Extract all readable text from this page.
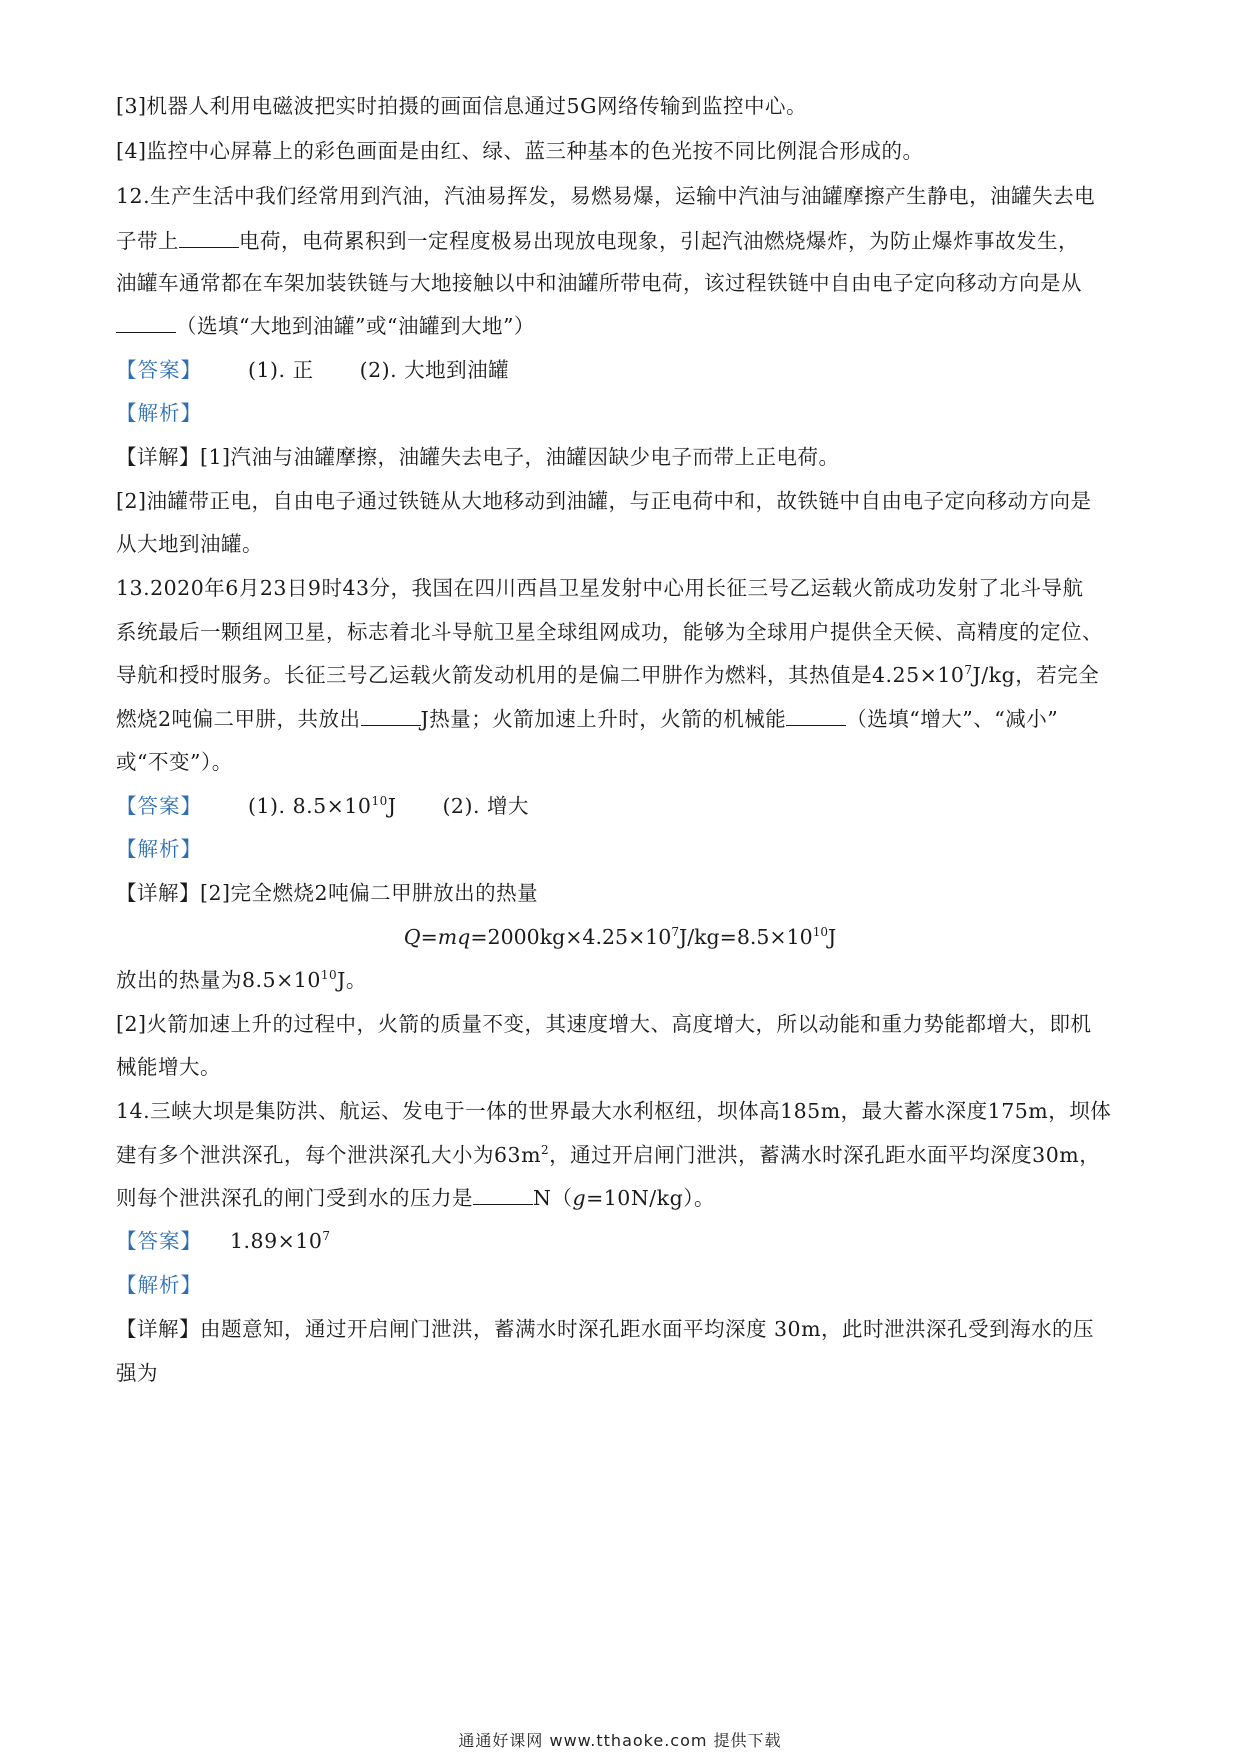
[3]机器人利用电磁波把实时拍摄的画面信息通过5G网络传输到监控中心。
[4]监控中心屏幕上的彩色画面是由红、绿、蓝三种基本的色光按不同比例混合形成的。
12.生产生活中我们经常用到汽油，汽油易挥发，易燃易爆，运输中汽油与油罐摩擦产生静电，油罐失去电
子带上	电荷，电荷累积到一定程度极易出现放电现象，引起汽油燃烧爆炸，为防止爆炸事故发生，
油罐车通常都在车架加装铁链与大地接触以中和油罐所带电荷，该过程铁链中自由电子定向移动方向是从
（选填“大地到油罐”或“油罐到大地”）
【答案】 (1). 正 (2). 大地到油罐
【解析】
【详解】[1]汽油与油罐摩擦，油罐失去电子，油罐因缺少电子而带上正电荷。
[2]油罐带正电，自由电子通过铁链从大地移动到油罐，与正电荷中和，故铁链中自由电子定向移动方向是
从大地到油罐。
13.2020年6月23日9时43分，我国在四川西昌卫星发射中心用长征三号乙运载火箭成功发射了北斗导航
系统最后一颗组网卫星，标志着北斗导航卫星全球组网成功，能够为全球用户提供全天候、高精度的定位、
导航和授时服务。长征三号乙运载火箭发动机用的是偏二甲肼作为燃料，其热值是$4.25\times 10^7J/kg$，若完全
燃烧2吨偏二甲肼，共放出	J热量；火箭加速上升时，火箭的机械能	（选填“增大”、“减小”
或“不变”）。
【答案】 (1). $8.5\times 10^{10}J$ (2). 增大
【解析】
【详解】[2]完全燃烧2吨偏二甲肼放出的热量
$Q=mq=2000kg\times 4.25\times 10^7J/kg=8.5\times 10^{10}J$
放出的热量为$8.5\times 10^{10}J$。
[2]火箭加速上升的过程中，火箭的质量不变，其速度增大、高度增大，所以动能和重力势能都增大，即机
械能增大。
14.三峡大坝是集防洪、航运、发电于一体的世界最大水利枢纽，坝体高185m，最大蓄水深度175m，坝体
建有多个泄洪深孔，每个泄洪深孔大小为$63m^2$，通过开启闸门泄洪，蓄满水时深孔距水面平均深度30m，
则每个泄洪深孔的闸门受到水的压力是	N（g=10N/kg）。
【答案】 $1.89\times 10^7$
【解析】
【详解】由题意知，通过开启闸门泄洪，蓄满水时深孔距水面平均深度 30m，此时泄洪深孔受到海水的压
强为
通通好课网 www.tthaoke.com 提供下载
